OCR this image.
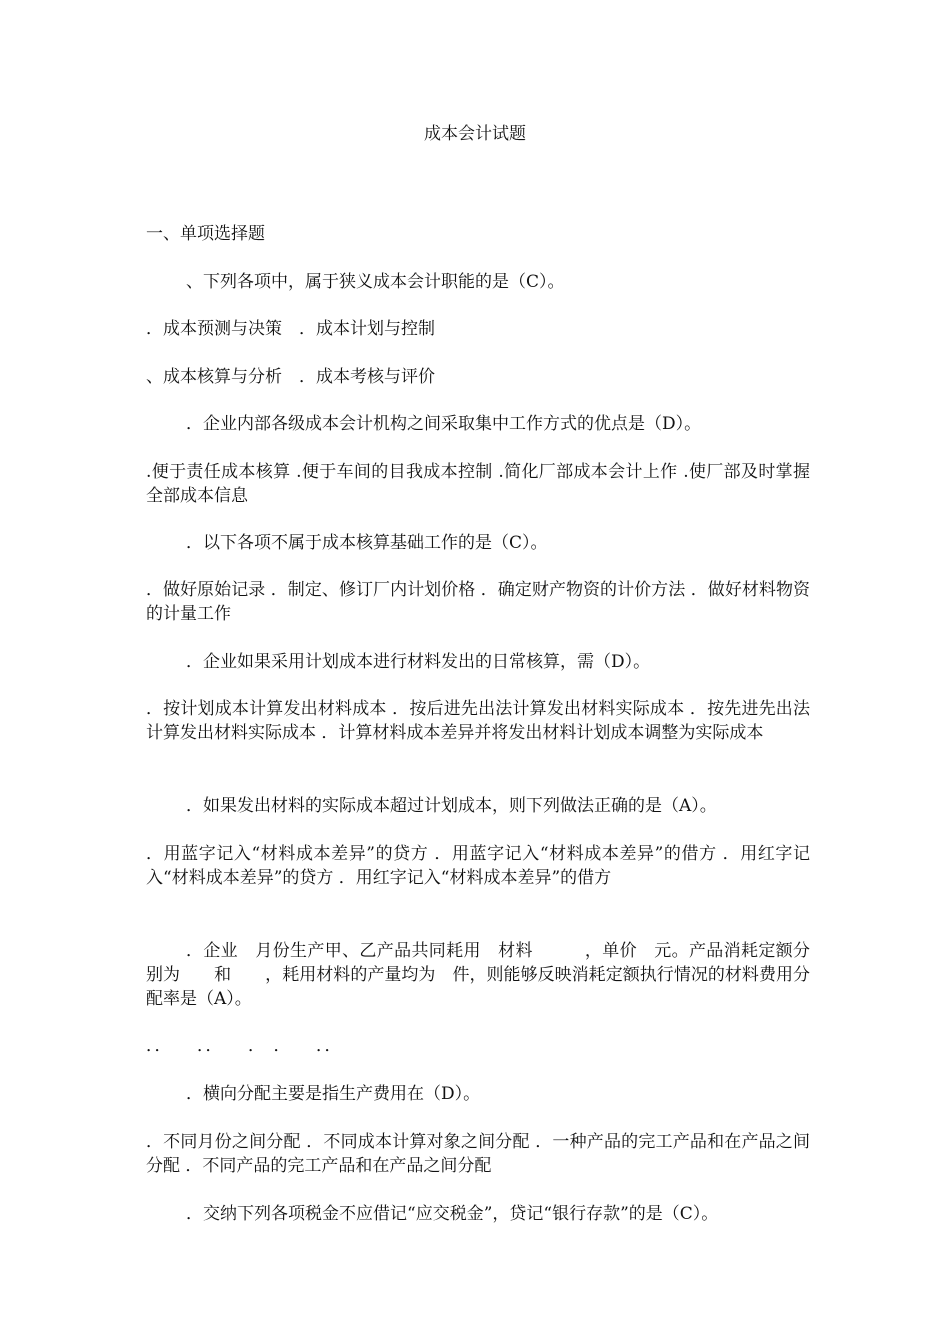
成本会计试题
一、单项选择题
、下列各项中，属于狭义成本会计职能的是（C）。
．成本预测与决策　．成本计划与控制
、成本核算与分析　．成本考核与评价
．企业内部各级成本会计机构之间采取集中工作方式的优点是（D）。
.便于责任成本核算 .便于车间的目我成本控制 .简化厂部成本会计上作 .使厂部及时掌握全部成本信息
．以下各项不属于成本核算基础工作的是（C）。
．做好原始记录 ．制定、修订厂内计划价格 ．确定财产物资的计价方法 ．做好材料物资的计量工作
．企业如果采用计划成本进行材料发出的日常核算，需（D）。
．按计划成本计算发出材料成本 ．按后进先出法计算发出材料实际成本 ．按先进先出法计算发出材料实际成本 ．计算材料成本差异并将发出材料计划成本调整为实际成本
．如果发出材料的实际成本超过计划成本，则下列做法正确的是（A）。
．用蓝字记入“材料成本差异”的贷方 ．用蓝字记入“材料成本差异”的借方 ．用红字记入“材料成本差异”的贷方 ．用红字记入“材料成本差异”的借方
．企业　月份生产甲、乙产品共同耗用　材料　　　，单价　元。产品消耗定额分别为　　和　　，耗用材料的产量均为　件，则能够反映消耗定额执行情况的材料费用分配率是（A）。
．．　　．．　　．　．　　．．
．横向分配主要是指生产费用在（D）。
．不同月份之间分配 ．不同成本计算对象之间分配 ．一种产品的完工产品和在产品之间分配 ．不同产品的完工产品和在产品之间分配
．交纳下列各项税金不应借记“应交税金”，贷记“银行存款”的是（C）。
